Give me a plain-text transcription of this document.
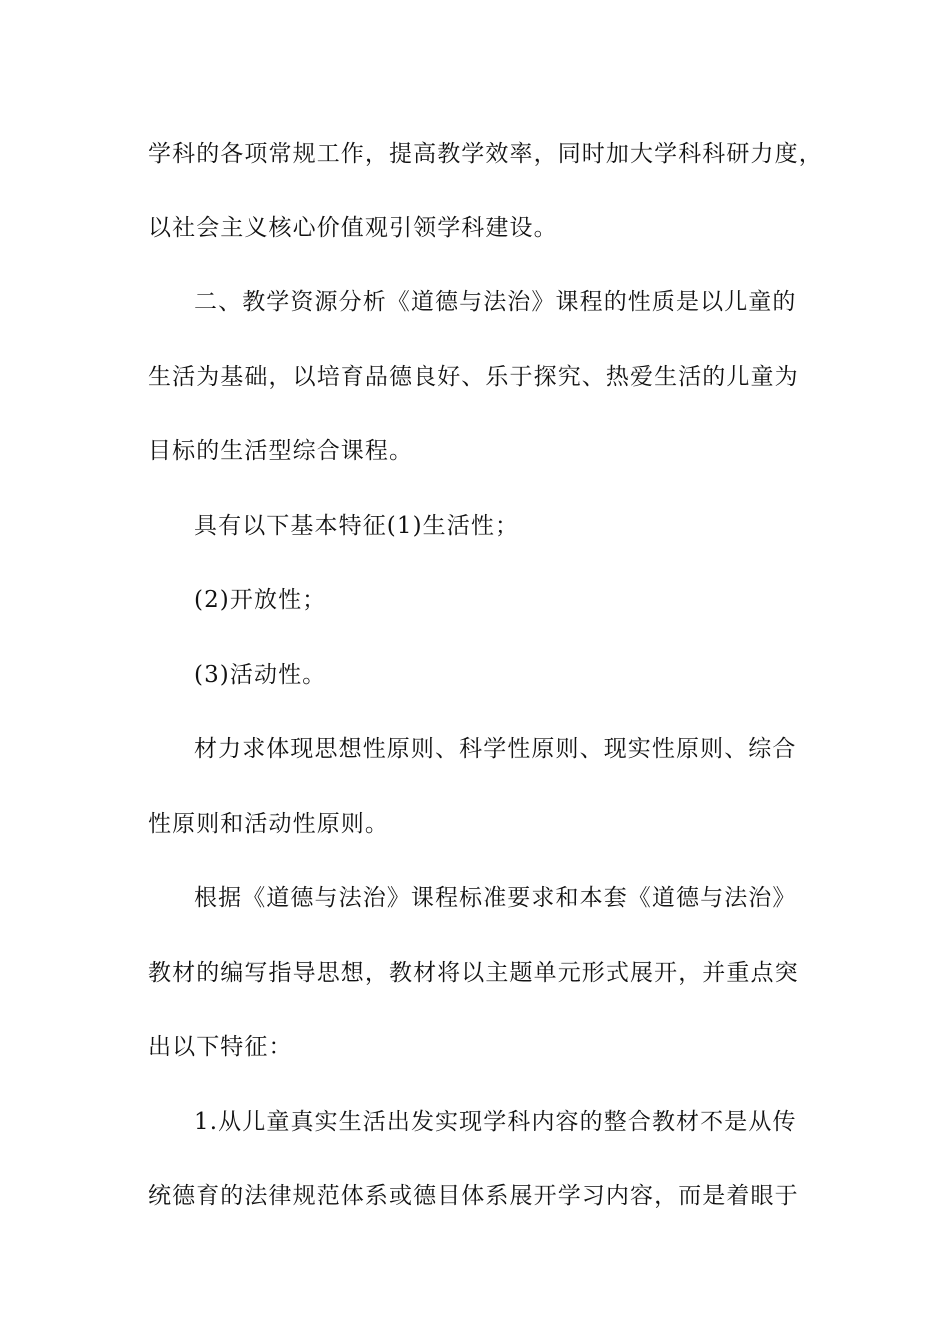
学科的各项常规工作，提高教学效率，同时加大学科科研力度，
以社会主义核心价值观引领学科建设。
二、教学资源分析《道德与法治》课程的性质是以儿童的
生活为基础，以培育品德良好、乐于探究、热爱生活的儿童为
目标的生活型综合课程。
具有以下基本特征(1)生活性；
(2)开放性；
(3)活动性。
材力求体现思想性原则、科学性原则、现实性原则、综合
性原则和活动性原则。
根据《道德与法治》课程标准要求和本套《道德与法治》
教材的编写指导思想，教材将以主题单元形式展开，并重点突
出以下特征：
1.从儿童真实生活出发实现学科内容的整合教材不是从传
统德育的法律规范体系或德目体系展开学习内容，而是着眼于
